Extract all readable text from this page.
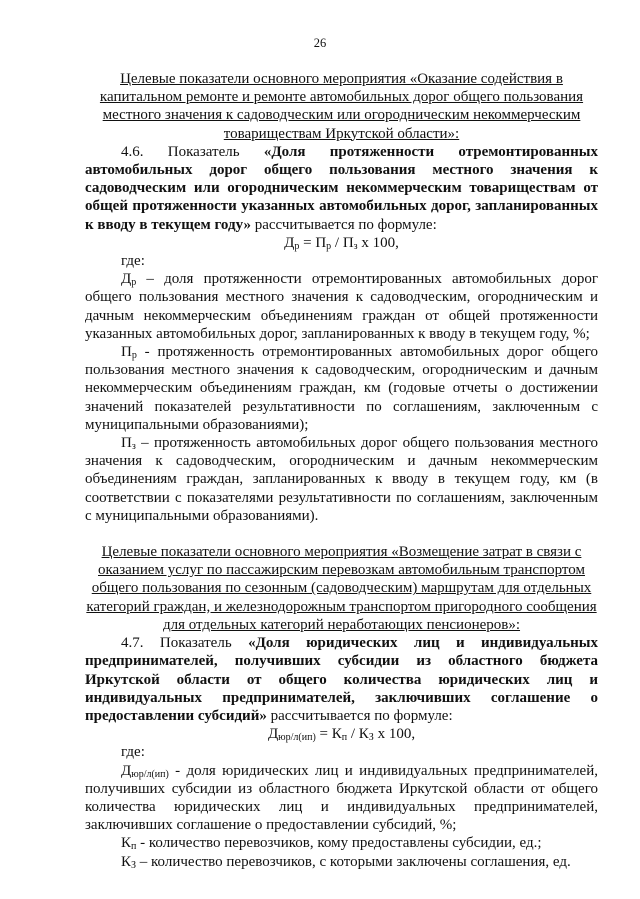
26
Целевые показатели основного мероприятия «Оказание содействия в
капитальном ремонте и ремонте автомобильных дорог общего пользования
местного значения к садоводческим или огородническим некоммерческим
товариществам Иркутской области»:

4.6. Показатель «Доля протяженности отремонтированных

автомобильных дорог общего пользования местного значения к

садоводческим или огородническим некоммерческим товариществам от

общей протяженности указанных автомобильных дорог, запланированных

к вводу в текущем году» рассчитывается по формуле:

$Д_р = П_р / П_з$ х 100,

где:

$Д_р$ – доля протяженности отремонтированных автомобильных дорог общего пользования местного значения к садоводческим, огородническим и дачным некоммерческим объединениям граждан от общей протяженности указанных автомобильных дорог, запланированных к вводу в текущем году, %;

$П_р$ - протяженность отремонтированных автомобильных дорог общего пользования местного значения к садоводческим, огородническим и дачным некоммерческим объединениям граждан, км (годовые отчеты о достижении значений показателей результативности по соглашениям, заключенным с муниципальными образованиями);

$П_з$ – протяженность автомобильных дорог общего пользования местного значения к садоводческим, огородническим и дачным некоммерческим объединениям граждан, запланированных к вводу в текущем году, км (в соответствии с показателями результативности по соглашениям, заключенным с муниципальными образованиями).

Целевые показатели основного мероприятия «Возмещение затрат в связи с
оказанием услуг по пассажирским перевозкам автомобильным транспортом
общего пользования по сезонным (садоводческим) маршрутам для отдельных
категорий граждан, и железнодорожным транспортом пригородного сообщения
для отдельных категорий неработающих пенсионеров»:

4.7. Показатель «Доля юридических лиц и индивидуальных

предпринимателей, получивших субсидии из областного бюджета

Иркутской области от общего количества юридических лиц и

индивидуальных предпринимателей, заключивших соглашение о

предоставлении субсидий» рассчитывается по формуле:

$Д_{юр/л(ип)} = К_п / К_З$ х 100,

где:

$Д_{юр/л(ип)}$ - доля юридических лиц и индивидуальных предпринимателей, получивших субсидии из областного бюджета Иркутской области от общего количества юридических лиц и индивидуальных предпринимателей, заключивших соглашение о предоставлении субсидий, %;

$К_п$ - количество перевозчиков, кому предоставлены субсидии, ед.;

$К_З$ – количество перевозчиков, с которыми заключены соглашения, ед.
